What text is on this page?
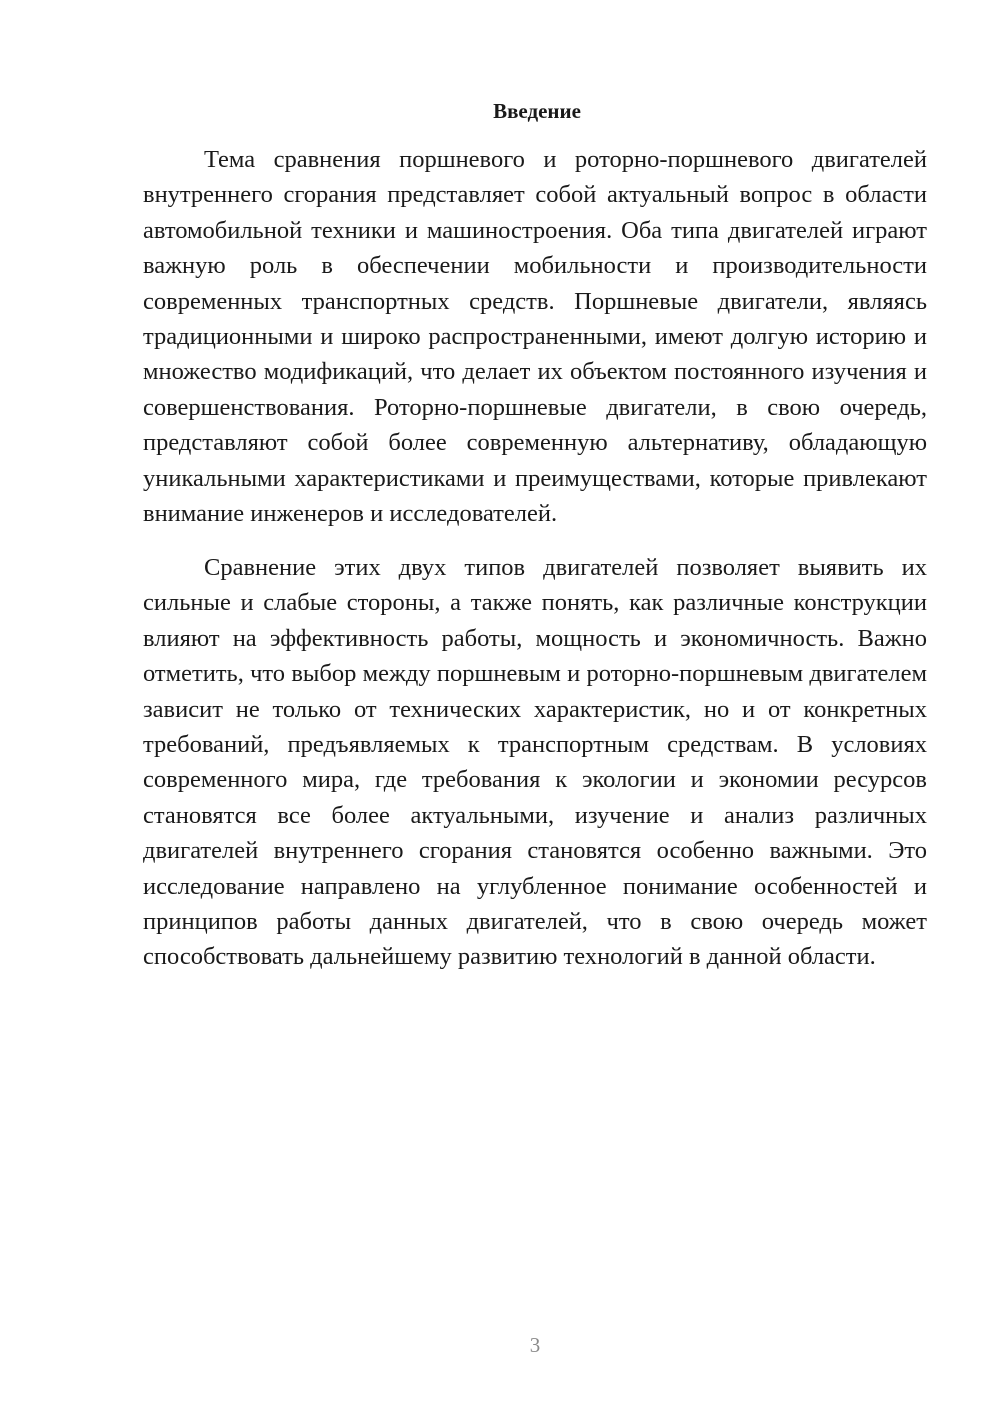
Введение

Тема сравнения поршневого и роторно-поршневого двигателей внутреннего сгорания представляет собой актуальный вопрос в области автомобильной техники и машиностроения. Оба типа двигателей играют важную роль в обеспечении мобильности и производительности современных транспортных средств. Поршневые двигатели, являясь традиционными и широко распространенными, имеют долгую историю и множество модификаций, что делает их объектом постоянного изучения и совершенствования. Роторно-поршневые двигатели, в свою очередь, представляют собой более современную альтернативу, обладающую уникальными характеристиками и преимуществами, которые привлекают внимание инженеров и исследователей.

Сравнение этих двух типов двигателей позволяет выявить их сильные и слабые стороны, а также понять, как различные конструкции влияют на эффективность работы, мощность и экономичность. Важно отметить, что выбор между поршневым и роторно-поршневым двигателем зависит не только от технических характеристик, но и от конкретных требований, предъявляемых к транспортным средствам. В условиях современного мира, где требования к экологии и экономии ресурсов становятся все более актуальными, изучение и анализ различных двигателей внутреннего сгорания становятся особенно важными. Это исследование направлено на углубленное понимание особенностей и принципов работы данных двигателей, что в свою очередь может способствовать дальнейшему развитию технологий в данной области.

3
